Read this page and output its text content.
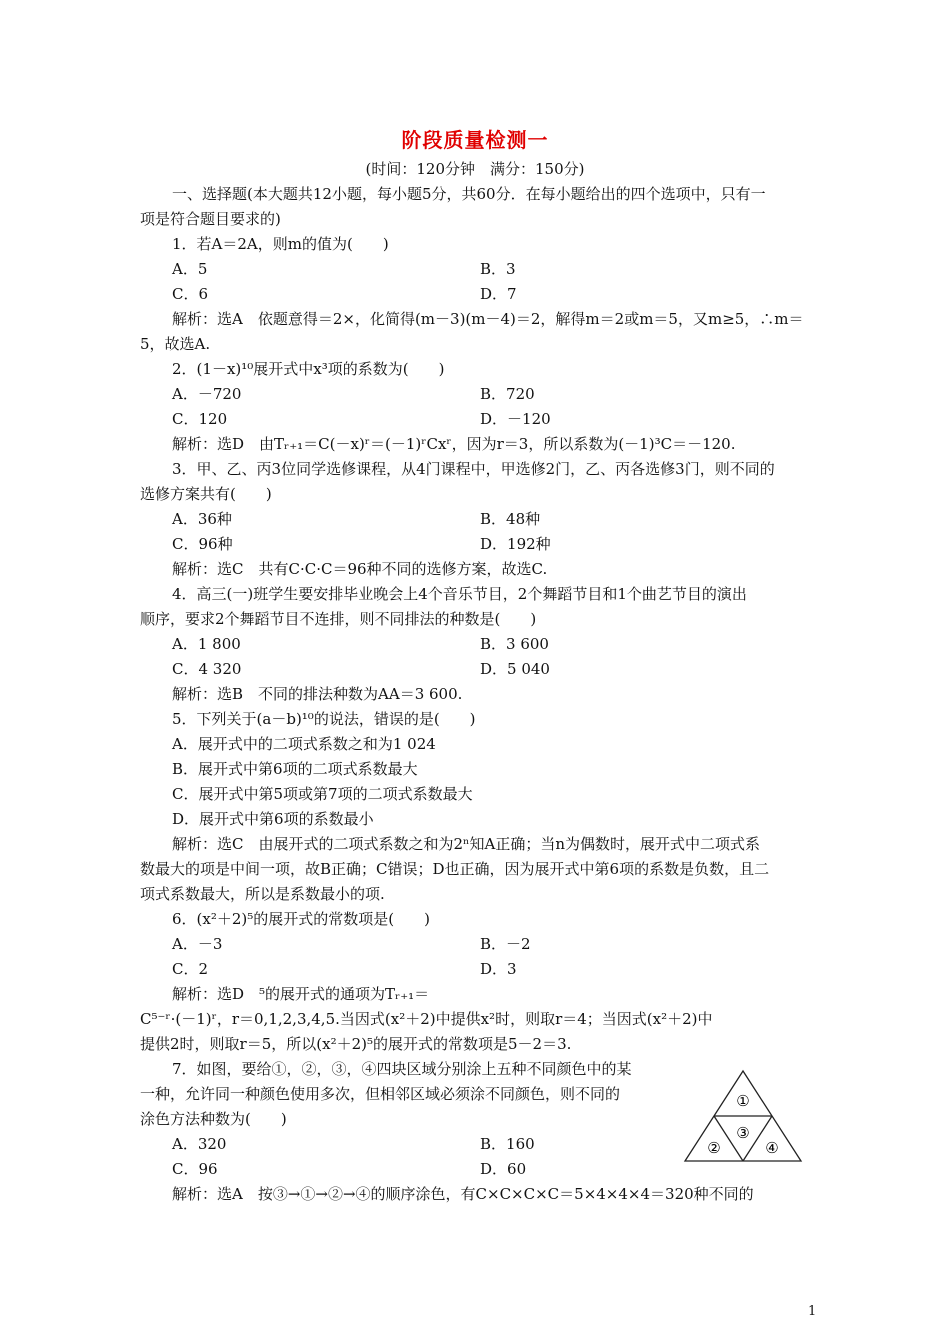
阶段质量检测一
(时间：120分钟　满分：150分)
一、选择题(本大题共12小题，每小题5分，共60分．在每小题给出的四个选项中，只有一
项是符合题目要求的)
1．若A＝2A，则m的值为(　　)
A．5	B．3
C．6	D．7
解析：选A　依题意得＝2×，化简得(m－3)(m－4)＝2，解得m＝2或m＝5，又m≥5，∴m＝
5，故选A.
2．(1－x)¹⁰展开式中x³项的系数为(　　)
A．－720	B．720
C．120	D．－120
解析：选D　由Tᵣ₊₁＝C(－x)ʳ＝(－1)ʳCxʳ，因为r＝3，所以系数为(－1)³C＝－120.
3．甲、乙、丙3位同学选修课程，从4门课程中，甲选修2门，乙、丙各选修3门，则不同的
选修方案共有(　　)
A．36种	B．48种
C．96种	D．192种
解析：选C　共有C·C·C＝96种不同的选修方案，故选C.
4．高三(一)班学生要安排毕业晚会上4个音乐节目，2个舞蹈节目和1个曲艺节目的演出
顺序，要求2个舞蹈节目不连排，则不同排法的种数是(　　)
A．1 800	B．3 600
C．4 320	D．5 040
解析：选B　不同的排法种数为AA＝3 600.
5．下列关于(a－b)¹⁰的说法，错误的是(　　)
A．展开式中的二项式系数之和为1 024
B．展开式中第6项的二项式系数最大
C．展开式中第5项或第7项的二项式系数最大
D．展开式中第6项的系数最小
解析：选C　由展开式的二项式系数之和为2ⁿ知A正确；当n为偶数时，展开式中二项式系
数最大的项是中间一项，故B正确；C错误；D也正确，因为展开式中第6项的系数是负数，且二
项式系数最大，所以是系数最小的项.
6．(x²＋2)⁵的展开式的常数项是(　　)
A．－3	B．－2
C．2	D．3
解析：选D　⁵的展开式的通项为Tᵣ₊₁＝
C⁵⁻ʳ·(－1)ʳ，r＝0,1,2,3,4,5.当因式(x²＋2)中提供x²时，则取r＝4；当因式(x²＋2)中
提供2时，则取r＝5，所以(x²＋2)⁵的展开式的常数项是5－2＝3.
7．如图，要给①，②，③，④四块区域分别涂上五种不同颜色中的某
一种，允许同一种颜色使用多次，但相邻区域必须涂不同颜色，则不同的
涂色方法种数为(　　)
A．320	B．160
C．96	D．60
解析：选A　按③→①→②→④的顺序涂色，有C×C×C×C＝5×4×4×4＝320种不同的
①
②
③
④
1
